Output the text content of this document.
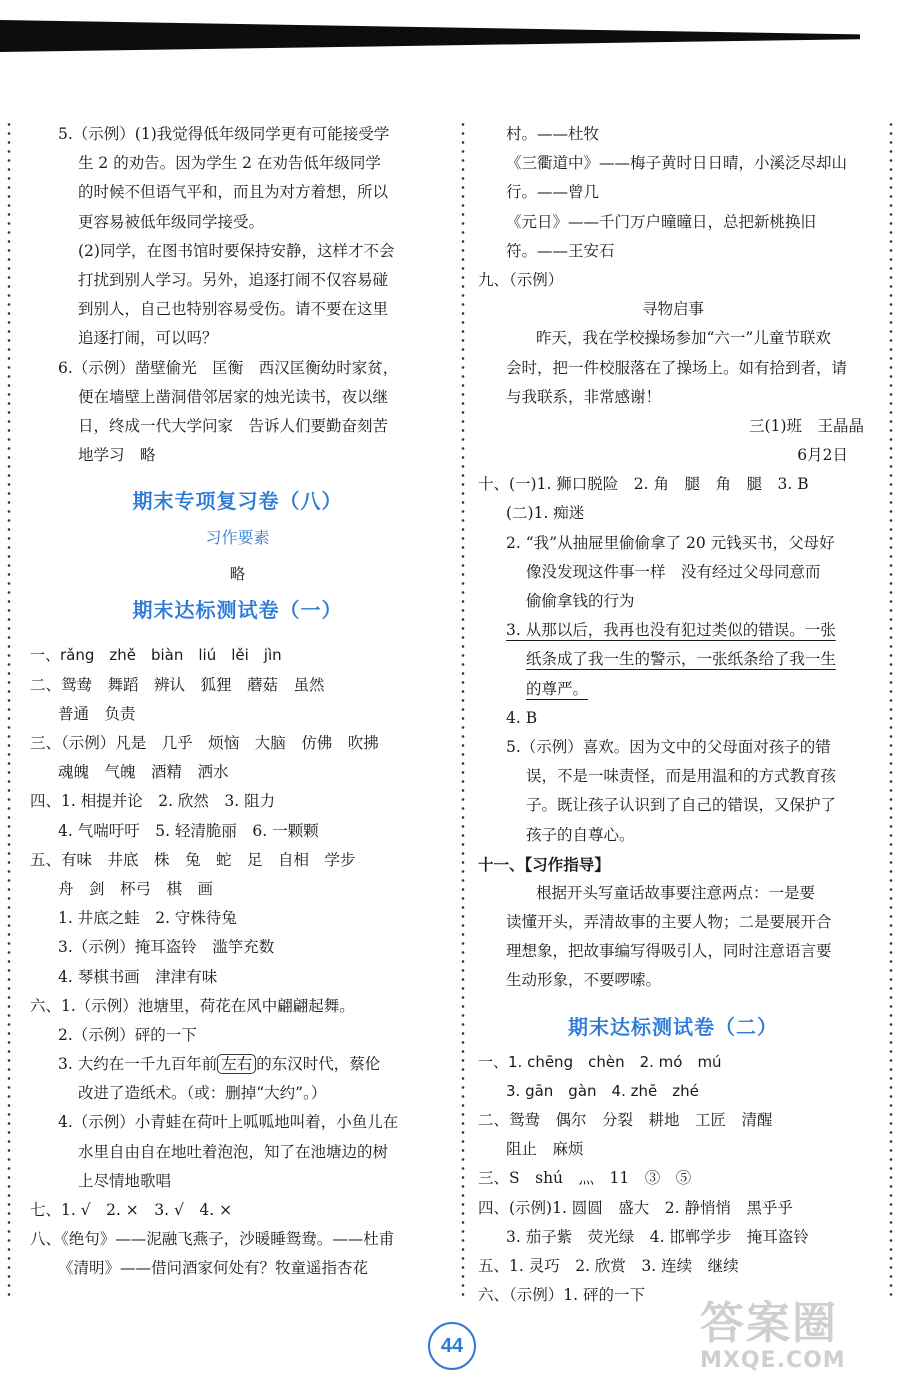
5.（示例）(1)我觉得低年级同学更有可能接受学
生 2 的劝告。因为学生 2 在劝告低年级同学
的时候不但语气平和，而且为对方着想，所以
更容易被低年级同学接受。
(2)同学，在图书馆时要保持安静，这样才不会
打扰到别人学习。另外，追逐打闹不仅容易碰
到别人，自己也特别容易受伤。请不要在这里
追逐打闹，可以吗？
6.（示例）凿壁偷光　匡衡　西汉匡衡幼时家贫，
便在墙壁上凿洞借邻居家的烛光读书，夜以继
日，终成一代大学问家　告诉人们要勤奋刻苦
地学习　略
期末专项复习卷（八）
习作要素
略
期末达标测试卷（一）
一、rǎng　zhě　biàn　liú　lěi　jìn
二、鸳鸯　舞蹈　辨认　狐狸　蘑菇　虽然
普通　负责
三、（示例）凡是　几乎　烦恼　大脑　仿佛　吹拂
魂魄　气魄　酒精　洒水
四、1. 相提并论　2. 欣然　3. 阻力
4. 气喘吁吁　5. 轻清脆丽　6. 一颗颗
五、有味　井底　株　兔　蛇　足　自相　学步
舟　剑　杯弓　棋　画
1. 井底之蛙　2. 守株待兔
3.（示例）掩耳盗铃　滥竽充数
4. 琴棋书画　津津有味
六、1.（示例）池塘里，荷花在风中翩翩起舞。
2.（示例）砰的一下
3. 大约在一千九百年前 左右 的东汉时代，蔡伦
改进了造纸术。（或：删掉“大约”。）
4.（示例）小青蛙在荷叶上呱呱地叫着，小鱼儿在
水里自由自在地吐着泡泡，知了在池塘边的树
上尽情地歌唱
七、1. √　2. ×　3. √　4. ×
八、《绝句》——泥融飞燕子，沙暖睡鸳鸯。——杜甫
《清明》——借问酒家何处有？牧童遥指杏花
村。——杜牧
《三衢道中》——梅子黄时日日晴，小溪泛尽却山
行。——曾几
《元日》——千门万户曈曈日，总把新桃换旧
符。——王安石
九、（示例）
寻物启事
昨天，我在学校操场参加“六一”儿童节联欢
会时，把一件校服落在了操场上。如有拾到者，请
与我联系，非常感谢！
三(1)班　王晶晶
6月2日
十、(一)1. 狮口脱险　2. 角　腿　角　腿　3. B
(二)1. 痴迷
2. “我”从抽屉里偷偷拿了 20 元钱买书，父母好
像没发现这件事一样　没有经过父母同意而
偷偷拿钱的行为
3. 从那以后，我再也没有犯过类似的错误。一张
纸条成了我一生的警示，一张纸条给了我一生
的尊严。
4. B
5.（示例）喜欢。因为文中的父母面对孩子的错
误，不是一味责怪，而是用温和的方式教育孩
子。既让孩子认识到了自己的错误，又保护了
孩子的自尊心。
十一、【习作指导】
根据开头写童话故事要注意两点：一是要
读懂开头，弄清故事的主要人物；二是要展开合
理想象，把故事编写得吸引人，同时注意语言要
生动形象，不要啰嗦。
期末达标测试卷（二）
一、1. chēng　chèn　2. mó　mú
3. gān　gàn　4. zhē　zhé
二、鸳鸯　偶尔　分裂　耕地　工匠　清醒
阻止　麻烦
三、S　shú　灬　11　③　⑤
四、(示例)1. 圆圆　盛大　2. 静悄悄　黑乎乎
3. 茄子紫　荧光绿　4. 邯郸学步　掩耳盗铃
五、1. 灵巧　2. 欣赏　3. 连续　继续
六、（示例）1. 砰的一下
44	答案圈
MXQE.COM
